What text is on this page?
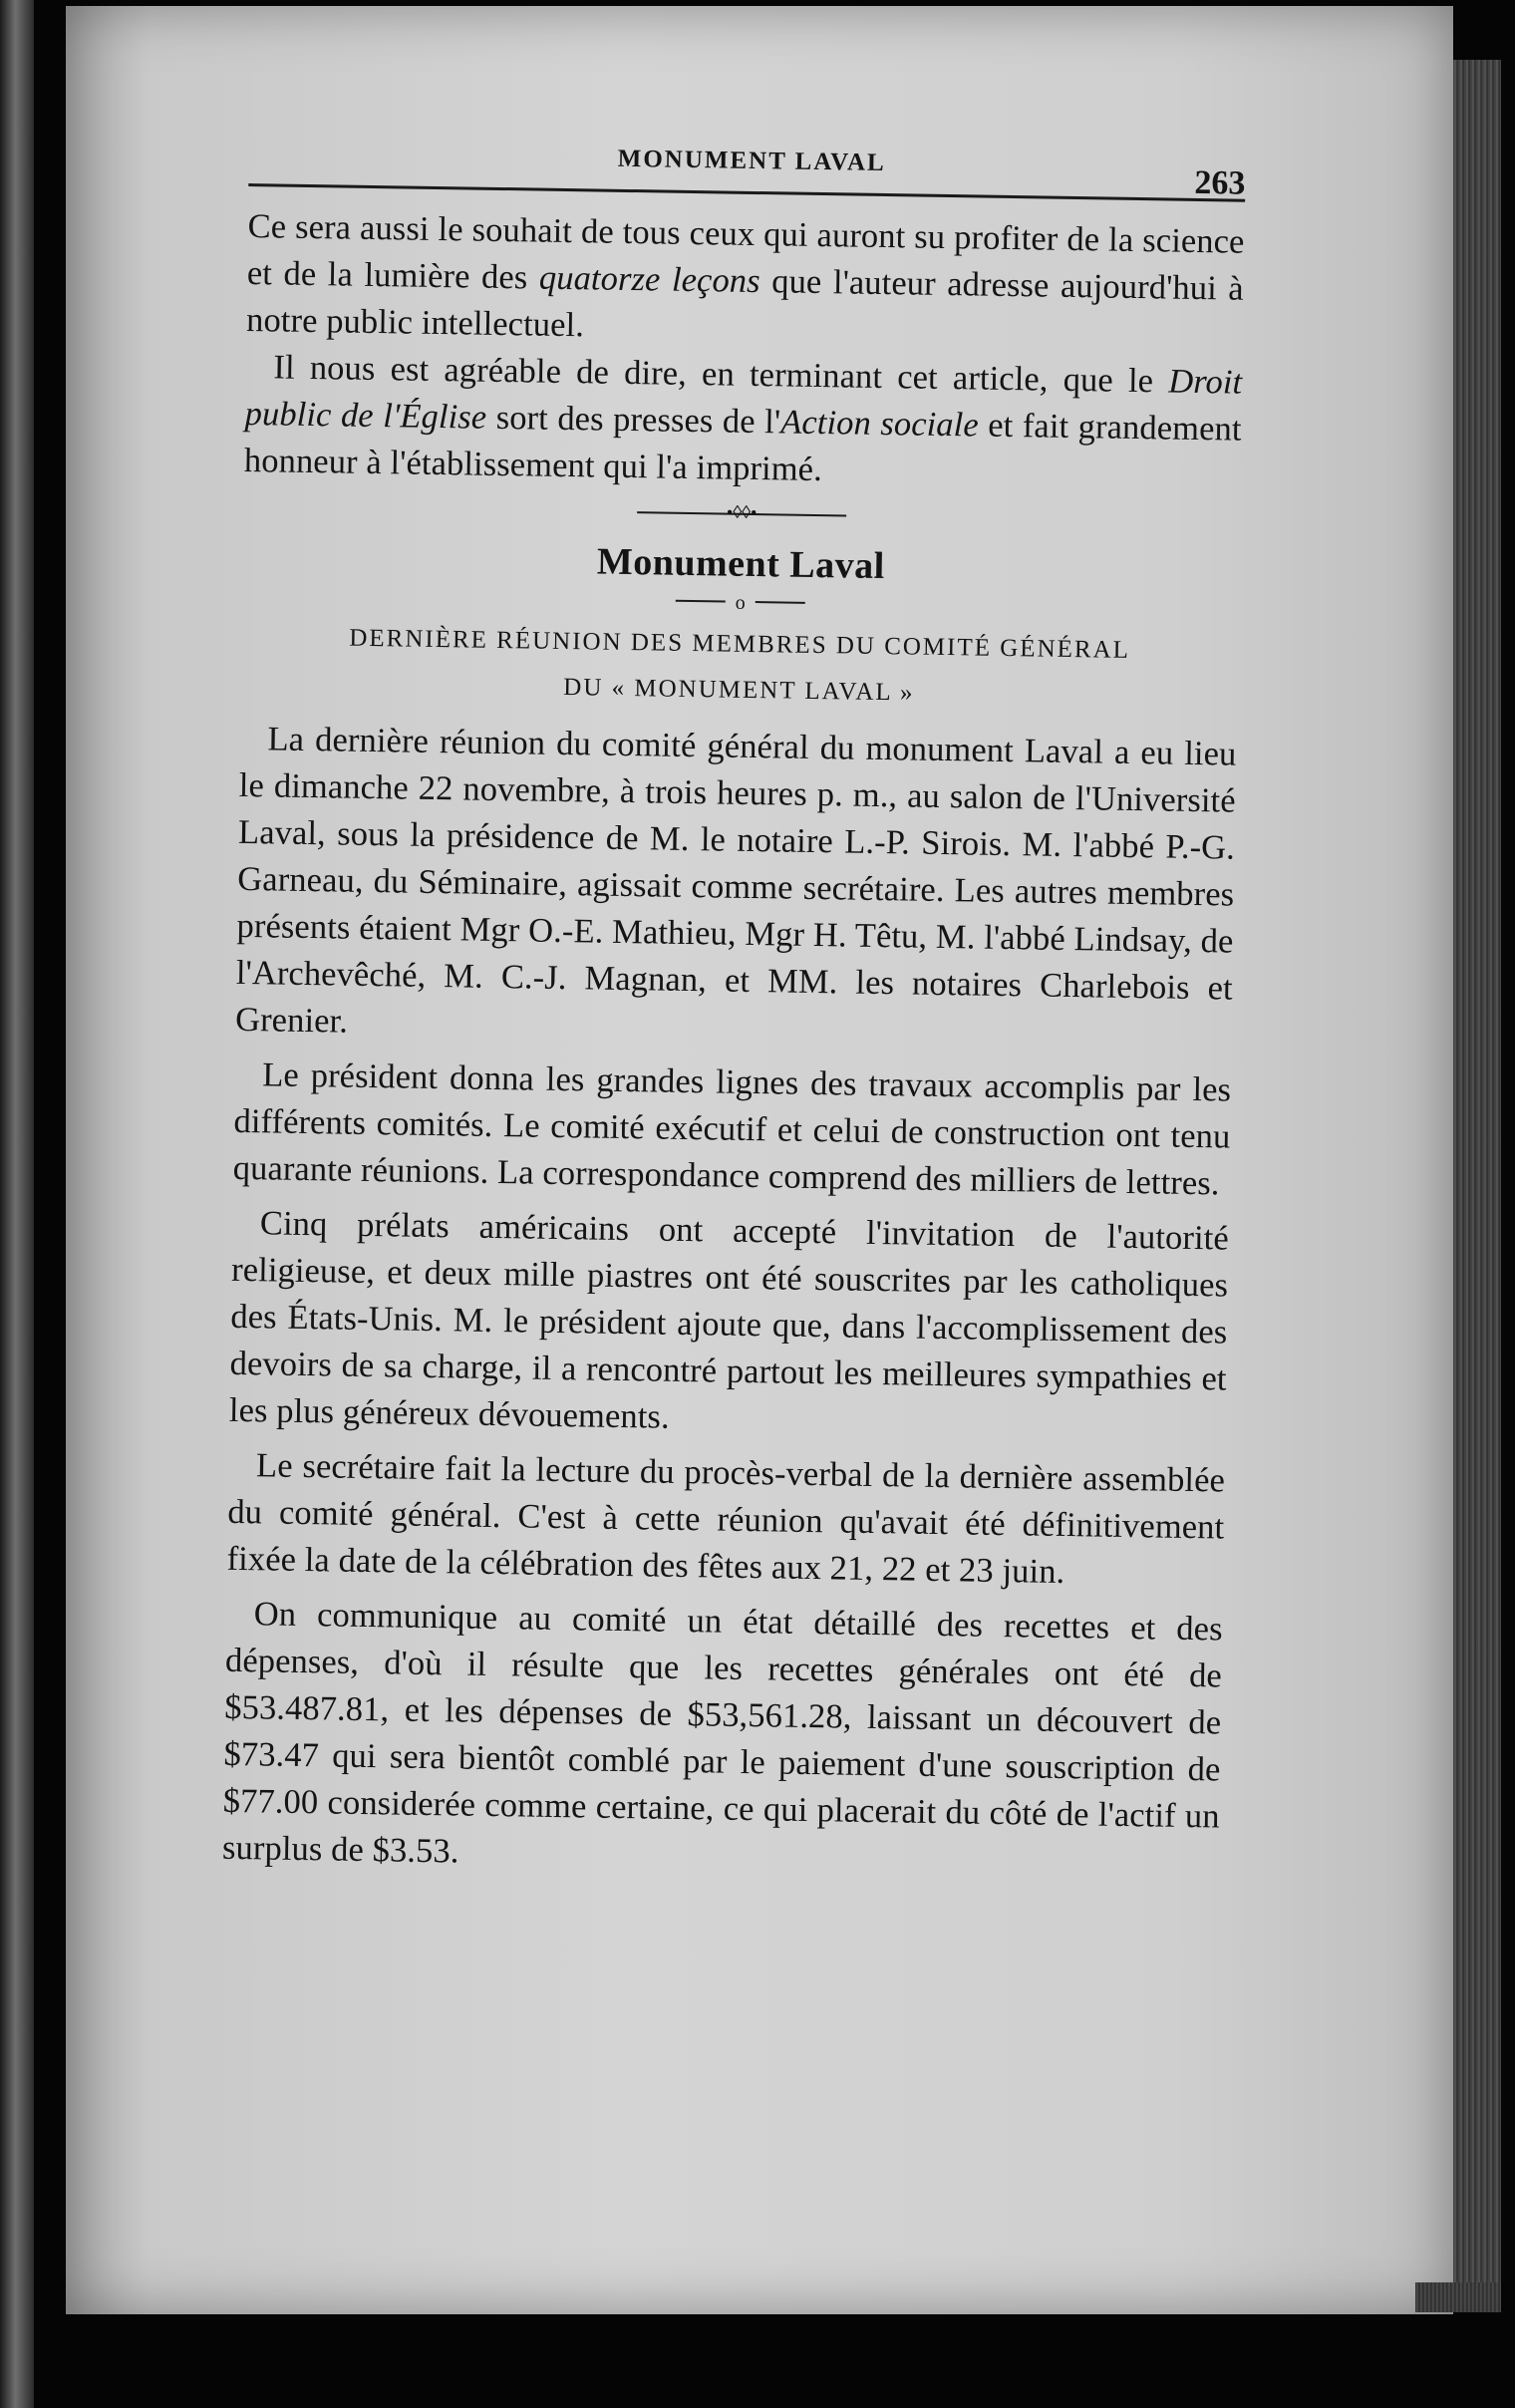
MONUMENT LAVAL
263

Ce sera aussi le souhait de tous ceux qui auront su profiter de la science et de la lumière des quatorze leçons que l'auteur adresse aujourd'hui à notre public intellectuel.

Il nous est agréable de dire, en terminant cet article, que le Droit public de l'Église sort des presses de l'Action sociale et fait grandement honneur à l'établissement qui l'a imprimé.

•◊◊•
Monument Laval
o
DERNIÈRE RÉUNION DES MEMBRES DU COMITÉ GÉNÉRAL
DU « MONUMENT LAVAL »

La dernière réunion du comité général du monument Laval a eu lieu le dimanche 22 novembre, à trois heures p. m., au salon de l'Université Laval, sous la présidence de M. le notaire L.-P. Sirois. M. l'abbé P.-G. Garneau, du Séminaire, agissait comme secrétaire. Les autres membres présents étaient Mgr O.-E. Mathieu, Mgr H. Têtu, M. l'abbé Lindsay, de l'Archevêché, M. C.-J. Magnan, et MM. les notaires Charlebois et Grenier.

Le président donna les grandes lignes des travaux accomplis par les différents comités. Le comité exécutif et celui de construction ont tenu quarante réunions. La correspondance comprend des milliers de lettres.

Cinq prélats américains ont accepté l'invitation de l'autorité religieuse, et deux mille piastres ont été souscrites par les catholiques des États-Unis. M. le président ajoute que, dans l'accomplissement des devoirs de sa charge, il a rencontré partout les meilleures sympathies et les plus généreux dévouements.

Le secrétaire fait la lecture du procès-verbal de la dernière assemblée du comité général. C'est à cette réunion qu'avait été définitivement fixée la date de la célébration des fêtes aux 21, 22 et 23 juin.

On communique au comité un état détaillé des recettes et des dépenses, d'où il résulte que les recettes générales ont été de $53.487.81, et les dépenses de $53,561.28, laissant un découvert de $73.47 qui sera bientôt comblé par le paiement d'une souscription de $77.00 considerée comme certaine, ce qui placerait du côté de l'actif un surplus de $3.53.
